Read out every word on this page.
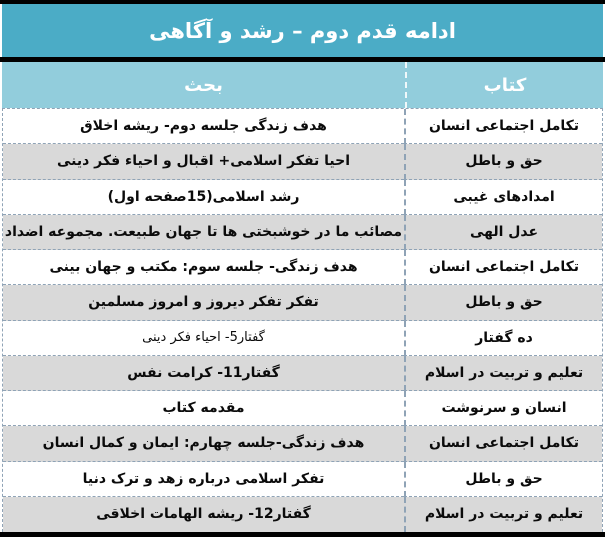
ادامه قدم دوم – رشد و آگاهی
کتاب
بحث
تکامل اجتماعی انسان
هدف زندگی جلسه دوم- ریشه اخلاق
حق و باطل
احیا تفکر اسلامی+ اقبال و احیاء فکر دینی
امدادهای غیبی
رشد اسلامی(15صفحه اول)
عدل الهی
مصائب ما در خوشبختی ها تا جهان طبیعت. مجموعه اضداد
تکامل اجتماعی انسان
هدف زندگی- جلسه سوم: مکتب و جهان بینی
حق و باطل
تفکر تفکر دیروز و امروز مسلمین
ده گفتار
گفتار5- احیاء فکر دینی
تعلیم و تربیت در اسلام
گفتار11- کرامت نفس
انسان و سرنوشت
مقدمه کتاب
تکامل اجتماعی انسان
هدف زندگی-جلسه چهارم: ایمان و کمال انسان
حق و باطل
تفکر اسلامی درباره زهد و ترک دنیا
تعلیم و تربیت در اسلام
گفتار12- ریشه الهامات اخلاقی
